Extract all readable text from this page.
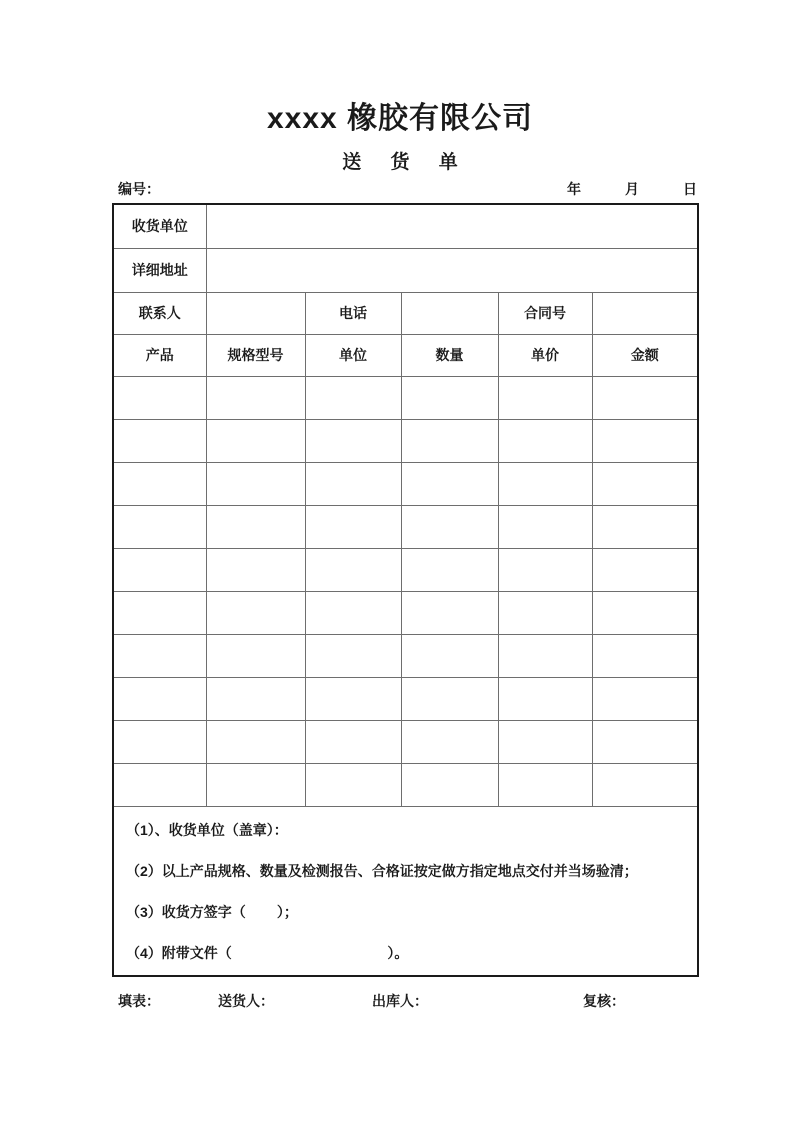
xxxx 橡胶有限公司
送 货 单
编号：	年	月	日
收货单位					
详细地址					
联系人		电话		合同号	
产品	规格型号	单位	数量	单价	金额

（1）、收货单位（盖章）：
（2）以上产品规格、数量及检测报告、合格证按定做方指定地点交付并当场验清；
（3）收货方签字（        ）；
（4）附带文件（                                        ）。					
填表：	送货人：	出库人：	复核：
